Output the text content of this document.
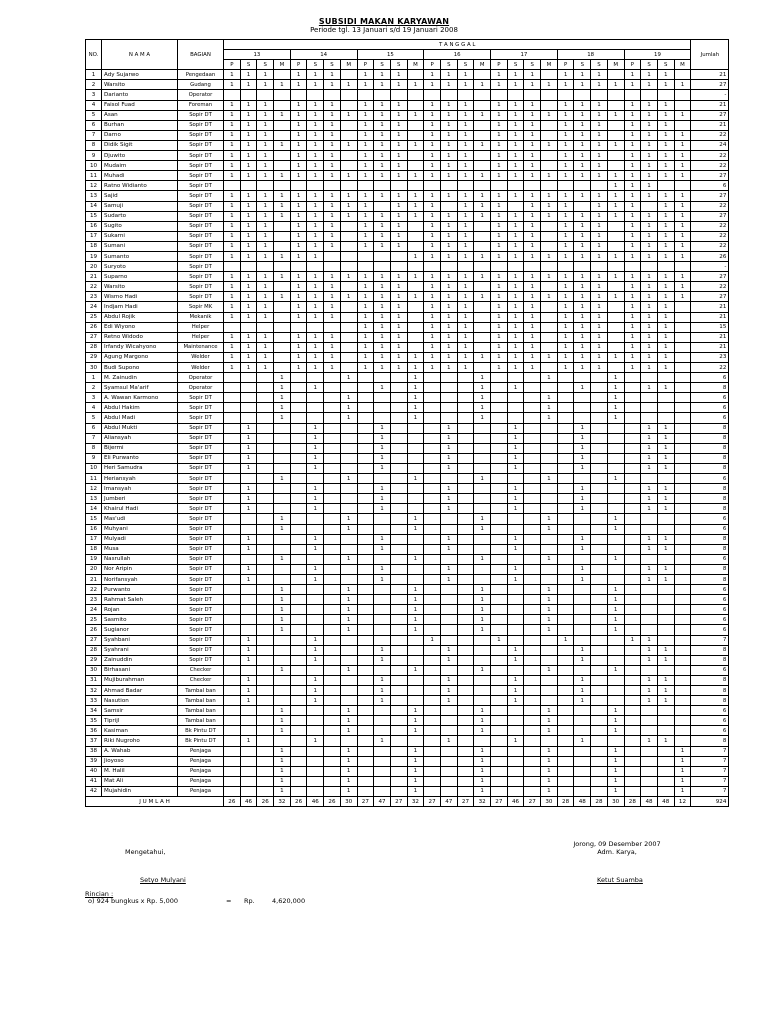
SUBSIDI MAKAN KARYAWAN
Periode tgl. 13 Januari s/d 19 Januari 2008
NO.	N A M A	BAGIAN	T A N G G A L																												Jumlah
			13				14				15				16				17				18				19				
			P	S	S	M	P	S	S	M	P	S	S	M	P	S	S	M	P	S	S	M	P	S	S	M	P	S	S	M	
1	Ady Sujarwo	Pengedaan	1	1	1		1	1	1		1	1	1		1	1	1		1	1	1		1	1	1		1	1	1		21
2	Warsito	Gudang	1	1	1	1	1	1	1	1	1	1	1	1	1	1	1	1	1	1	1	1	1	1	1	1	1	1	1	1	27
3	Darianto	Operator																													-
4	Faisol Fuad	Foreman	1	1	1		1	1	1		1	1	1		1	1	1		1	1	1		1	1	1		1	1	1		21
5	Asan	Sopir DT	1	1	1	1	1	1	1	1	1	1	1	1	1	1	1	1	1	1	1	1	1	1	1	1	1	1	1	1	27
6	Burhan	Sopir DT	1	1	1		1	1	1		1	1	1		1	1	1		1	1	1		1	1	1		1	1	1		21
7	Darno	Sopir DT	1	1	1		1	1	1		1	1	1		1	1	1		1	1	1		1	1	1		1	1	1	1	22
8	Didik Sigit	Sopir DT	1	1	1	1	1	1	1	1	1	1	1	1	1	1	1	1	1	1	1	1	1	1	1	1	1	1	1	1	24
9	Djuwito	Sopir DT	1	1	1		1	1	1		1	1	1		1	1	1		1	1	1		1	1	1		1	1	1	1	22
10	Mudaim	Sopir DT	1	1	1		1	1	1		1	1	1		1	1	1		1	1	1		1	1	1		1	1	1	1	22
11	Muhadi	Sopir DT	1	1	1	1	1	1	1	1	1	1	1	1	1	1	1	1	1	1	1	1	1	1	1	1	1	1	1	1	27
12	Ratno Widianto	Sopir DT																								1	1	1			6
13	Sajid	Sopir DT	1	1	1	1	1	1	1	1	1	1	1	1	1	1	1	1	1	1	1	1	1	1	1	1	1	1	1	1	27
14	Samuji	Sopir DT	1	1	1	1	1	1	1	1	1		1	1	1		1	1	1		1	1	1		1	1	1		1	1	22
15	Sudarto	Sopir DT	1	1	1	1	1	1	1	1	1	1	1	1	1	1	1	1	1	1	1	1	1	1	1	1	1	1	1	1	27
16	Sugito	Sopir DT	1	1	1		1	1	1		1	1	1		1	1	1		1	1	1		1	1	1		1	1	1	1	22
17	Sukarni	Sopir DT	1	1	1		1	1	1		1	1	1		1	1	1		1	1	1		1	1	1		1	1	1	1	22
18	Sumani	Sopir DT	1	1	1		1	1	1		1	1	1		1	1	1		1	1	1		1	1	1		1	1	1	1	22
19	Sumanto	Sopir DT	1	1	1	1	1	1						1	1	1	1	1	1	1	1	1	1	1	1	1	1	1	1	1	26
20	Suryoto	Sopir DT																													-
21	Suparno	Sopir DT	1	1	1	1	1	1	1	1	1	1	1	1	1	1	1	1	1	1	1	1	1	1	1	1	1	1	1	1	27
22	Warsito	Sopir DT	1	1	1		1	1	1		1	1	1		1	1	1		1	1	1		1	1	1		1	1	1	1	22
23	Wismo Hadi	Sopir DT	1	1	1	1	1	1	1	1	1	1	1	1	1	1	1	1	1	1	1	1	1	1	1	1	1	1	1	1	27
24	Indjam Hadi	Sopir MK	1	1	1		1	1	1		1	1	1		1	1	1		1	1	1		1	1	1		1	1	1		21
25	Abdul Rojik	Mekanik	1	1	1		1	1	1		1	1	1		1	1	1		1	1	1		1	1	1		1	1	1		21
26	Edi Wiyono	Helper									1	1	1		1	1	1		1	1	1		1	1	1		1	1	1		15
27	Retno Widodo	Helper	1	1	1		1	1	1		1	1	1		1	1	1		1	1	1		1	1	1		1	1	1		21
28	Irfandy Wicahyono	Maintenance	1	1	1		1	1	1		1	1	1		1	1	1		1	1	1		1	1	1		1	1	1		21
29	Agung Margono	Welder	1	1	1		1	1	1		1	1	1	1	1	1	1	1	1	1	1	1	1	1	1	1	1	1	1		23
30	Budi Supono	Welder	1	1	1		1	1	1		1	1	1	1	1	1	1		1	1	1		1	1	1		1	1	1		22
1	M. Zainudin	Operator				1				1				1				1				1				1					6
2	Syamsul Ma'arif	Operator				1		1				1		1				1		1				1		1		1	1		8
3	A. Wawan Karmono	Sopir DT				1				1				1				1				1				1					6
4	Abdul Hakim	Sopir DT				1				1				1				1				1				1					6
5	Abdul Madi	Sopir DT				1				1				1				1				1				1					6
6	Abdul Mukti	Sopir DT		1				1				1				1				1				1				1	1		8
7	Aliansyah	Sopir DT		1				1				1				1				1				1				1	1		8
8	Bijermi	Sopir DT		1				1				1				1				1				1				1	1		8
9	Eli Purwanto	Sopir DT		1				1				1				1				1				1				1	1		8
10	Heri Samudra	Sopir DT		1				1				1				1				1				1				1	1		8
11	Heriansyah	Sopir DT				1				1				1				1				1				1					6
12	Imansyah	Sopir DT		1				1				1				1				1				1				1	1		8
13	Jumberi	Sopir DT		1				1				1				1				1				1				1	1		8
14	Khairul Hadi	Sopir DT		1				1				1				1				1				1				1	1		8
15	Mas'udi	Sopir DT				1				1				1				1				1				1					6
16	Muhyani	Sopir DT				1				1				1				1				1				1					6
17	Mulyadi	Sopir DT		1				1				1				1				1				1				1	1		8
18	Musa	Sopir DT		1				1				1				1				1				1				1	1		8
19	Nasrullah	Sopir DT				1				1				1				1				1				1					6
20	Nor Aripin	Sopir DT		1				1				1				1				1				1				1	1		8
21	Norifansyah	Sopir DT		1				1				1				1				1				1				1	1		8
22	Purwanto	Sopir DT				1				1				1				1				1				1					6
23	Rahmat Saleh	Sopir DT				1				1				1				1				1				1					6
24	Rojan	Sopir DT				1				1				1				1				1				1					6
25	Sasmito	Sopir DT				1				1				1				1				1				1					6
26	Sugianor	Sopir DT				1				1				1				1				1				1					6
27	Syahbani	Sopir DT		1				1							1				1				1				1	1			7
28	Syahrani	Sopir DT		1				1				1				1				1				1				1	1		8
29	Zainuddin	Sopir DT		1				1				1				1				1				1				1	1		8
30	Birhasani	Checker				1				1				1				1				1				1					6
31	Mujiburahman	Checker		1				1				1				1				1				1				1	1		8
32	Ahmad Badar	Tambal ban		1				1				1				1				1				1				1	1		8
33	Nasution	Tambal ban		1				1				1				1				1				1				1	1		8
34	Samsir	Tambal ban				1				1				1				1				1				1					6
35	Tiprijl	Tambal ban				1				1				1				1				1				1					6
36	Kasiman	Bk Pintu DT				1				1				1				1				1				1					6
37	Riki Nugroho	Bk Pintu DT		1				1				1				1				1				1				1	1		8
38	A. Wahab	Penjaga				1				1				1				1				1				1				1	7
39	Jioyoso	Penjaga				1				1				1				1				1				1				1	7
40	M. Halil	Penjaga				1				1				1				1				1				1				1	7
41	Mat Ali	Penjaga				1				1				1				1				1				1				1	7
42	Mujahidin	Penjaga				1				1				1				1				1				1				1	7
J U M L A H			26	46	26	32	26	46	26	30	27	47	27	32	27	47	27	32	27	46	27	30	28	48	28	30	28	48	48	12	924
Jorong, 09 Desember 2007
Adm. Karya,
Mengetahui,
Setyo Mulyani	Ketut Suamba
Rincian :
o) 924 bungkus x Rp. 5,000	= Rp.	4,620,000
